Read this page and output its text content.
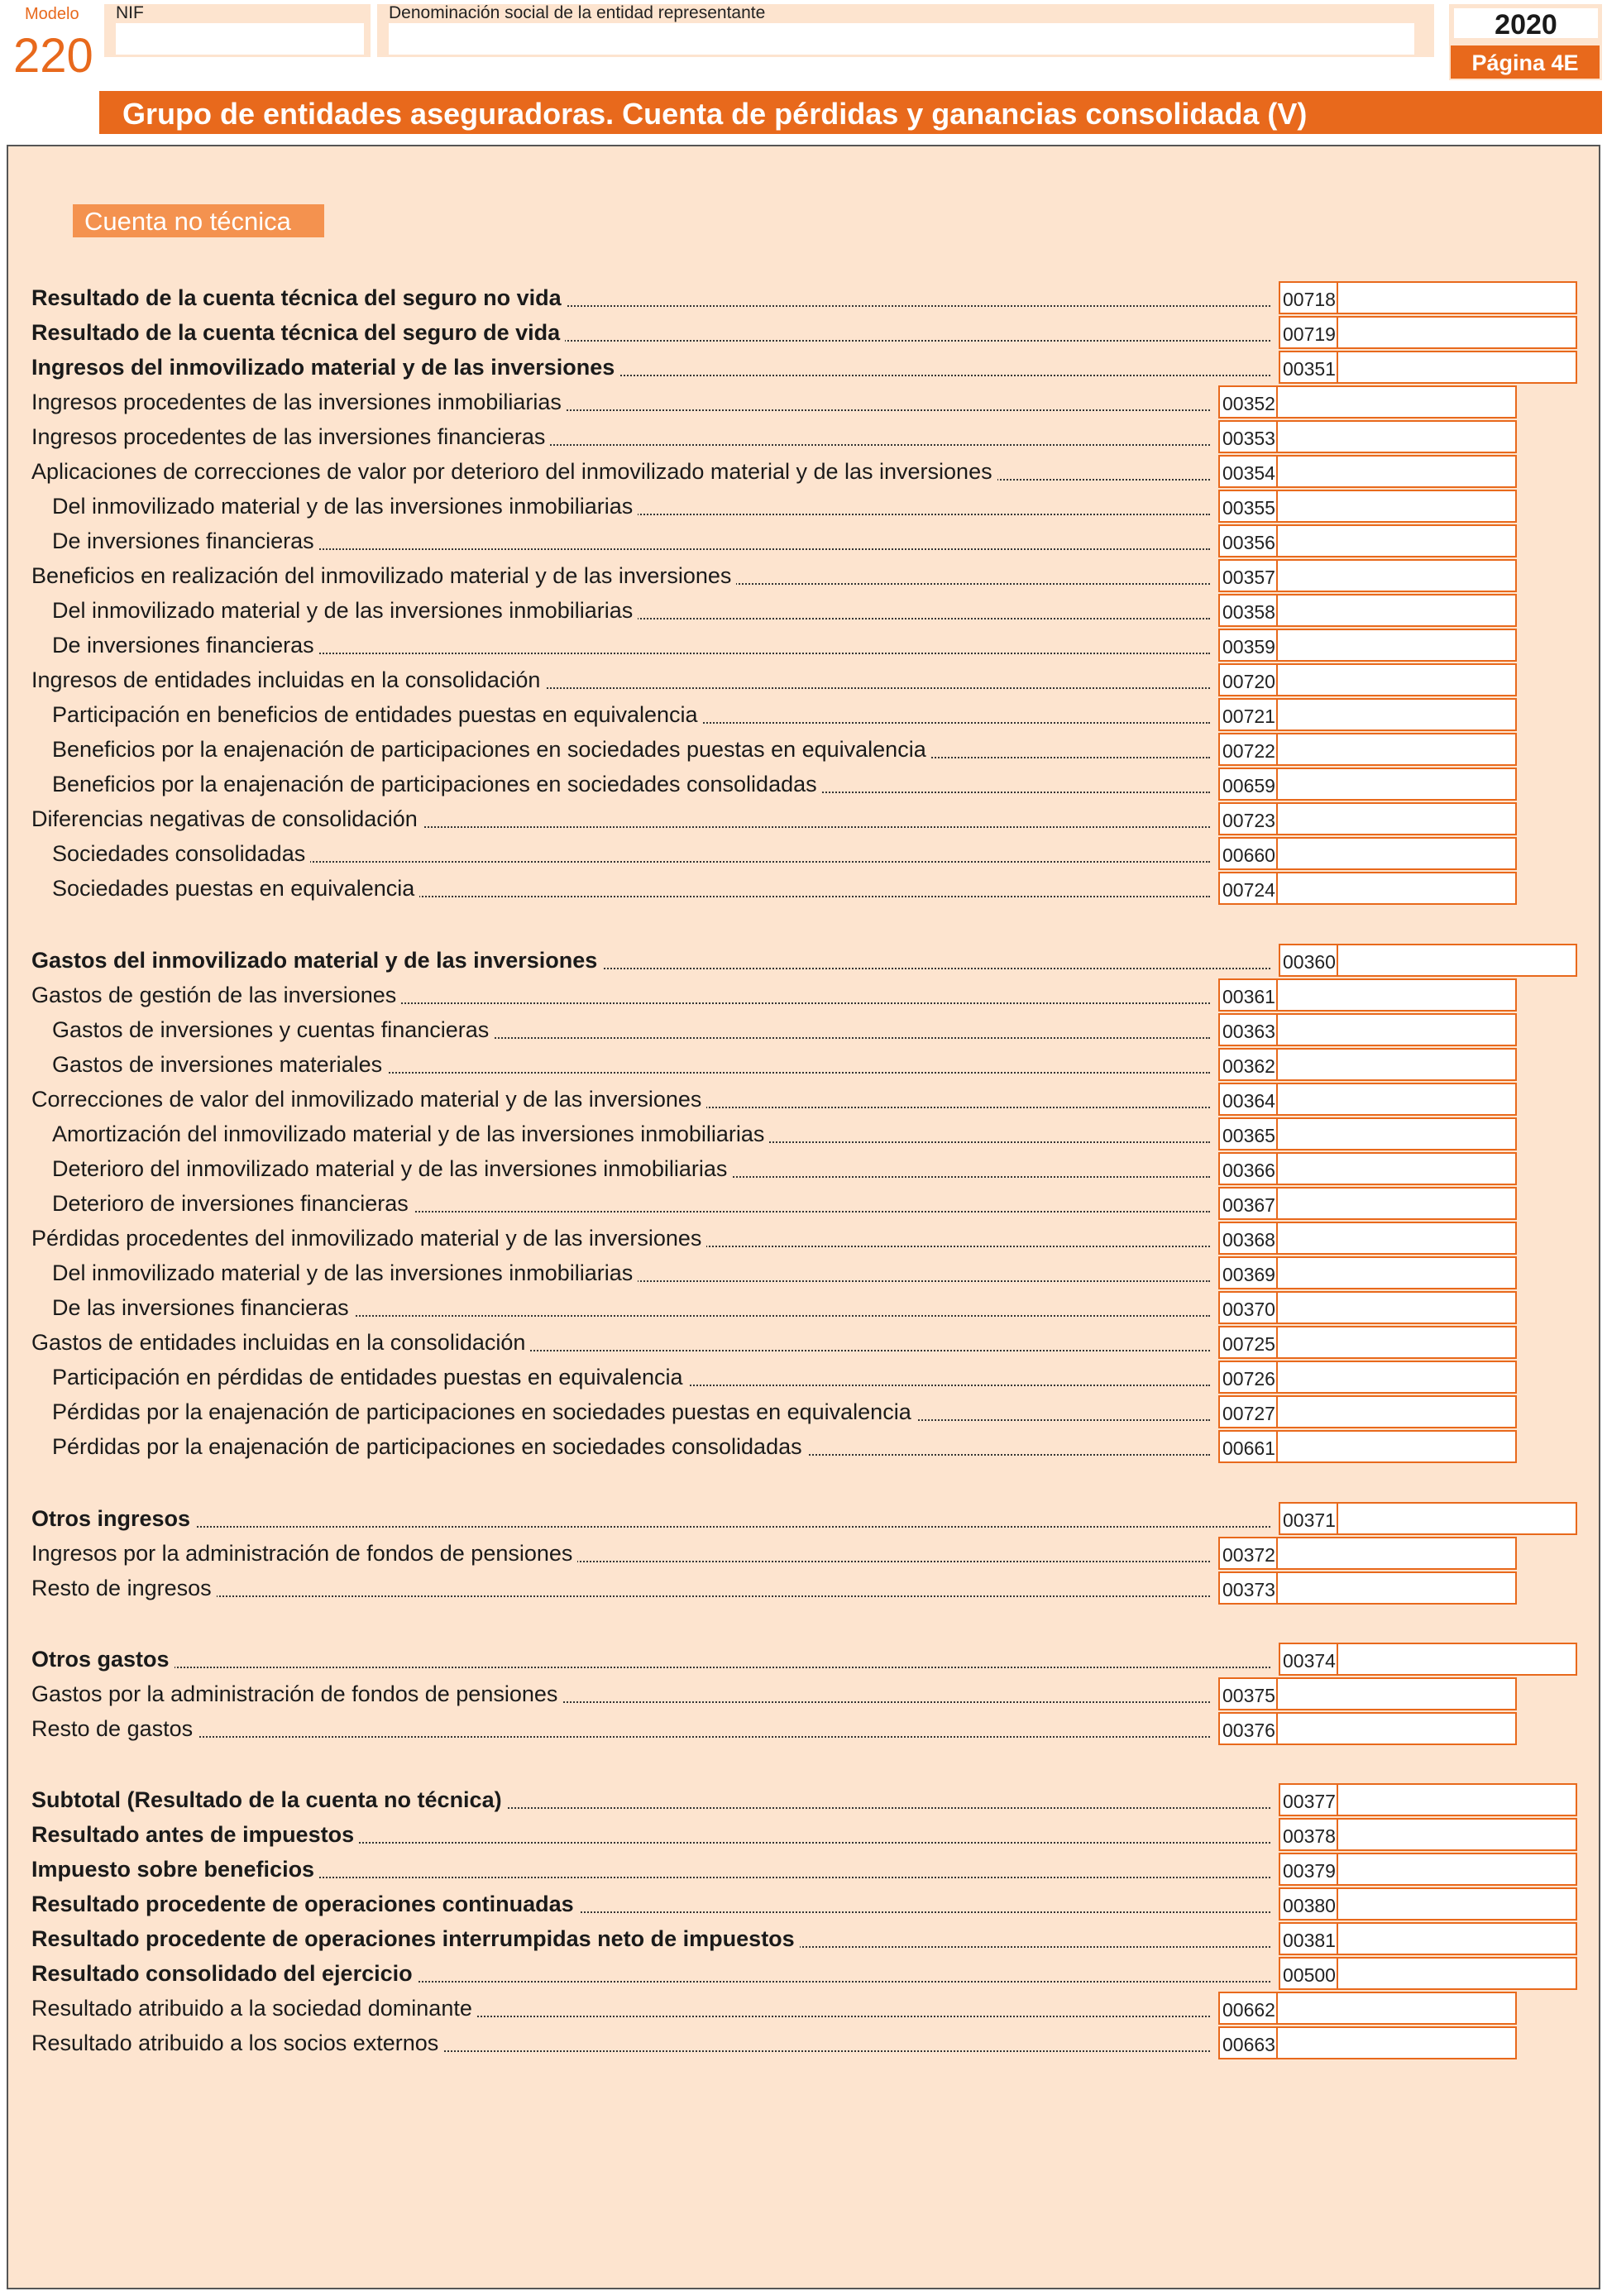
Modelo
220
NIF	Denominación social de la entidad representante	2020
Página 4E
Grupo de entidades aseguradoras. Cuenta de pérdidas y ganancias consolidada (V)
Cuenta no técnica
Resultado de la cuenta técnica del seguro no vida	00718
Resultado de la cuenta técnica del seguro de vida	00719
Ingresos del inmovilizado material y de las inversiones	00351
Ingresos procedentes de las inversiones inmobiliarias	00352
Ingresos procedentes de las inversiones financieras	00353
Aplicaciones de correcciones de valor por deterioro del inmovilizado material y de las inversiones	00354
Del inmovilizado material y de las inversiones inmobiliarias	00355
De inversiones financieras	00356
Beneficios en realización del inmovilizado material y de las inversiones	00357
Del inmovilizado material y de las inversiones inmobiliarias	00358
De inversiones financieras	00359
Ingresos de entidades incluidas en la consolidación	00720
Participación en beneficios de entidades puestas en equivalencia	00721
Beneficios por la enajenación de participaciones en sociedades puestas en equivalencia	00722
Beneficios por la enajenación de participaciones en sociedades consolidadas	00659
Diferencias negativas de consolidación	00723
Sociedades consolidadas	00660
Sociedades puestas en equivalencia	00724
Gastos del inmovilizado material y de las inversiones	00360
Gastos de gestión de las inversiones	00361
Gastos de inversiones y cuentas financieras	00363
Gastos de inversiones materiales	00362
Correcciones de valor del inmovilizado material y de las inversiones	00364
Amortización del inmovilizado material y de las inversiones inmobiliarias	00365
Deterioro del inmovilizado material y de las inversiones inmobiliarias	00366
Deterioro de inversiones financieras	00367
Pérdidas procedentes del inmovilizado material y de las inversiones	00368
Del inmovilizado material y de las inversiones inmobiliarias	00369
De las inversiones financieras	00370
Gastos de entidades incluidas en la consolidación	00725
Participación en pérdidas de entidades puestas en equivalencia	00726
Pérdidas por la enajenación de participaciones en sociedades puestas en equivalencia	00727
Pérdidas por la enajenación de participaciones en sociedades consolidadas	00661
Otros ingresos	00371
Ingresos por la administración de fondos de pensiones	00372
Resto de ingresos	00373
Otros gastos	00374
Gastos por la administración de fondos de pensiones	00375
Resto de gastos	00376
Subtotal (Resultado de la cuenta no técnica)	00377
Resultado antes de impuestos	00378
Impuesto sobre beneficios	00379
Resultado procedente de operaciones continuadas	00380
Resultado procedente de operaciones interrumpidas neto de impuestos	00381
Resultado consolidado del ejercicio	00500
Resultado atribuido a la sociedad dominante	00662
Resultado atribuido a los socios externos	00663
